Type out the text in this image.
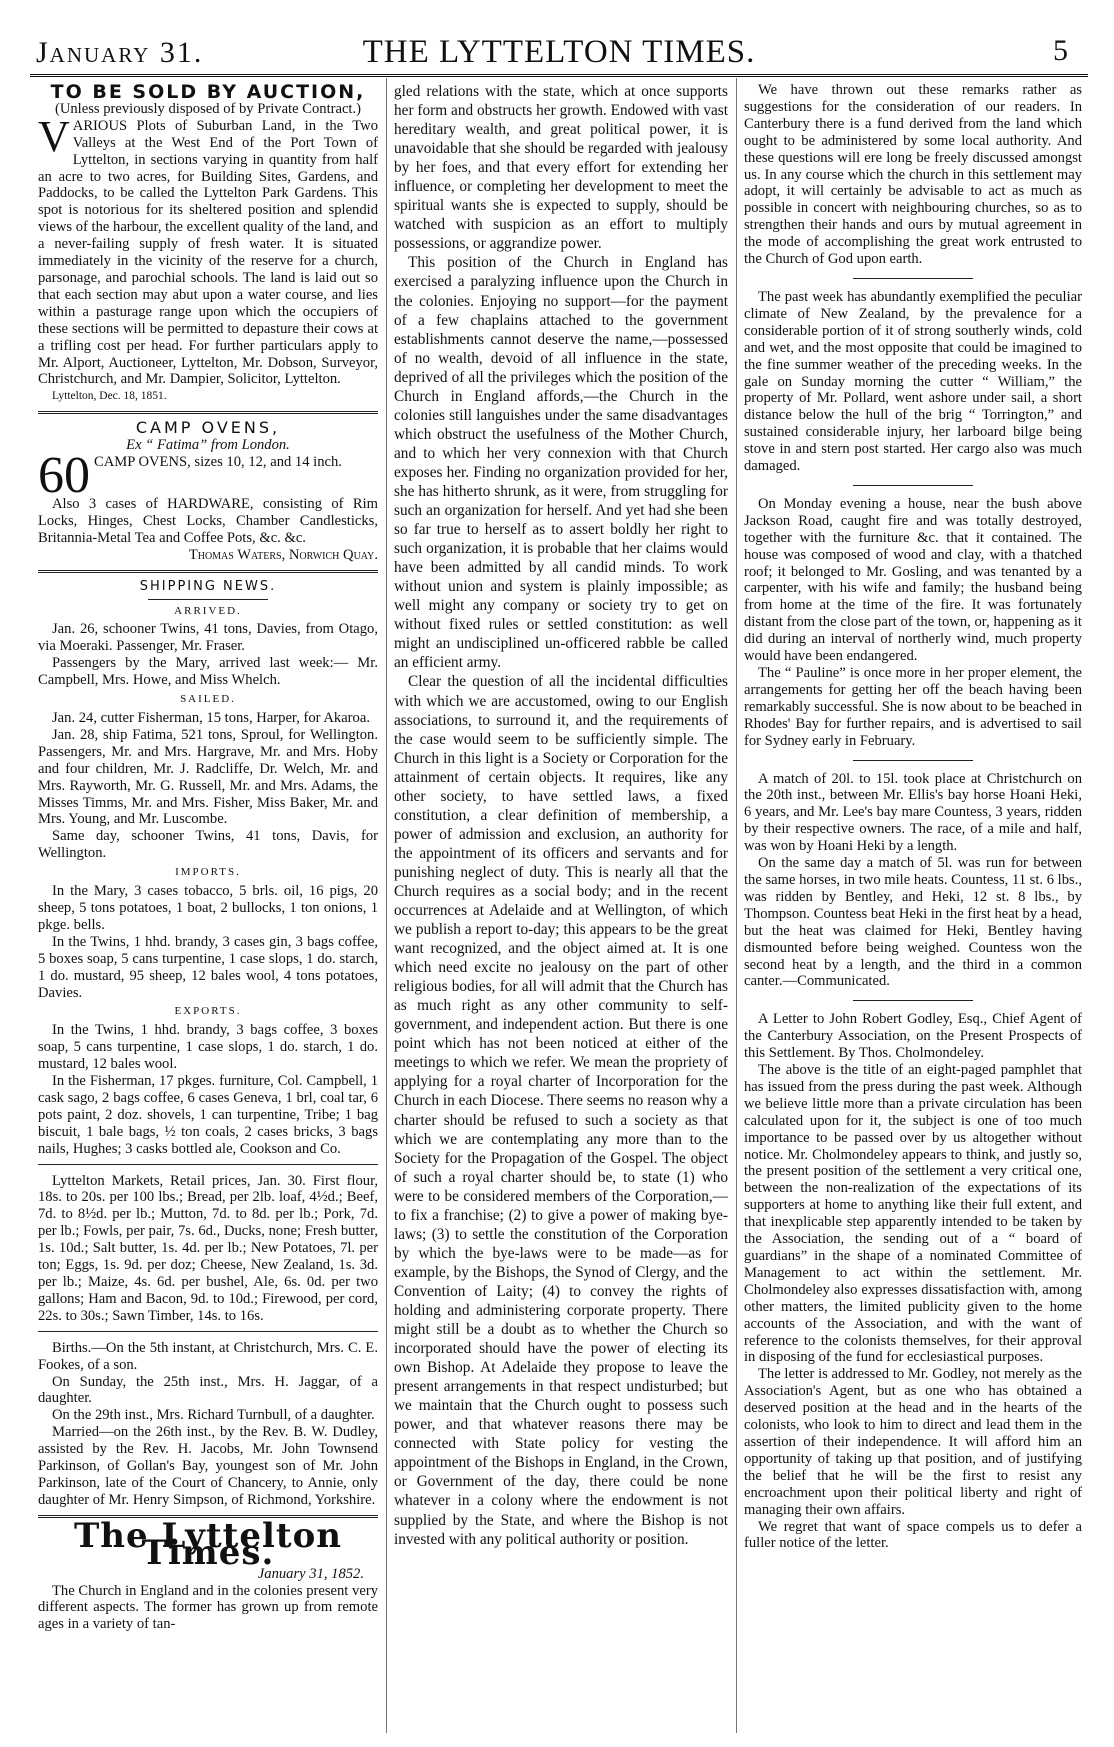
January 31.	THE LYTTELTON TIMES.	5
TO BE SOLD BY AUCTION,

(Unless previously disposed of by Private Contract.)

VARIOUS Plots of Suburban Land, in the Two Valleys at the West End of the Port Town of Lyttelton, in sections varying in quantity from half an acre to two acres, for Building Sites, Gardens, and Paddocks, to be called the Lyttelton Park Gardens. This spot is notorious for its sheltered position and splendid views of the harbour, the excellent quality of the land, and a never-failing supply of fresh water. It is situated immediately in the vicinity of the reserve for a church, parsonage, and parochial schools. The land is laid out so that each section may abut upon a water course, and lies within a pasturage range upon which the occupiers of these sections will be permitted to depasture their cows at a trifling cost per head. For further particulars apply to Mr. Alport, Auctioneer, Lyttelton, Mr. Dobson, Surveyor, Christchurch, and Mr. Dampier, Solicitor, Lyttelton.

Lyttelton, Dec. 18, 1851.

CAMP OVENS,

Ex “ Fatima” from London.

60 CAMP OVENS, sizes 10, 12, and 14 inch.

Also 3 cases of HARDWARE, consisting of Rim Locks, Hinges, Chest Locks, Chamber Candlesticks, Britannia-Metal Tea and Coffee Pots, &c. &c.

Thomas Waters, Norwich Quay.

SHIPPING NEWS.
ARRIVED.

Jan. 26, schooner Twins, 41 tons, Davies, from Otago, via Moeraki. Passenger, Mr. Fraser.

Passengers by the Mary, arrived last week:— Mr. Campbell, Mrs. Howe, and Miss Whelch.

SAILED.

Jan. 24, cutter Fisherman, 15 tons, Harper, for Akaroa.

Jan. 28, ship Fatima, 521 tons, Sproul, for Wellington. Passengers, Mr. and Mrs. Hargrave, Mr. and Mrs. Hoby and four children, Mr. J. Radcliffe, Dr. Welch, Mr. and Mrs. Rayworth, Mr. G. Russell, Mr. and Mrs. Adams, the Misses Timms, Mr. and Mrs. Fisher, Miss Baker, Mr. and Mrs. Young, and Mr. Luscombe.

Same day, schooner Twins, 41 tons, Davis, for Wellington.

IMPORTS.

In the Mary, 3 cases tobacco, 5 brls. oil, 16 pigs, 20 sheep, 5 tons potatoes, 1 boat, 2 bullocks, 1 ton onions, 1 pkge. bells.

In the Twins, 1 hhd. brandy, 3 cases gin, 3 bags coffee, 5 boxes soap, 5 cans turpentine, 1 case slops, 1 do. starch, 1 do. mustard, 95 sheep, 12 bales wool, 4 tons potatoes, Davies.

EXPORTS.

In the Twins, 1 hhd. brandy, 3 bags coffee, 3 boxes soap, 5 cans turpentine, 1 case slops, 1 do. starch, 1 do. mustard, 12 bales wool.

In the Fisherman, 17 pkges. furniture, Col. Campbell, 1 cask sago, 2 bags coffee, 6 cases Geneva, 1 brl, coal tar, 6 pots paint, 2 doz. shovels, 1 can turpentine, Tribe; 1 bag biscuit, 1 bale bags, ½ ton coals, 2 cases bricks, 3 bags nails, Hughes; 3 casks bottled ale, Cookson and Co.

Lyttelton Markets, Retail prices, Jan. 30. First flour, 18s. to 20s. per 100 lbs.; Bread, per 2lb. loaf, 4½d.; Beef, 7d. to 8½d. per lb.; Mutton, 7d. to 8d. per lb.; Pork, 7d. per lb.; Fowls, per pair, 7s. 6d., Ducks, none; Fresh butter, 1s. 10d.; Salt butter, 1s. 4d. per lb.; New Potatoes, 7l. per ton; Eggs, 1s. 9d. per doz; Cheese, New Zealand, 1s. 3d. per lb.; Maize, 4s. 6d. per bushel, Ale, 6s. 0d. per two gallons; Ham and Bacon, 9d. to 10d.; Firewood, per cord, 22s. to 30s.; Sawn Timber, 14s. to 16s.

Births.—On the 5th instant, at Christchurch, Mrs. C. E. Fookes, of a son.

On Sunday, the 25th inst., Mrs. H. Jaggar, of a daughter.

On the 29th inst., Mrs. Richard Turnbull, of a daughter.

Married—on the 26th inst., by the Rev. B. W. Dudley, assisted by the Rev. H. Jacobs, Mr. John Townsend Parkinson, of Gollan's Bay, youngest son of Mr. John Parkinson, late of the Court of Chancery, to Annie, only daughter of Mr. Henry Simpson, of Richmond, Yorkshire.

The Lyttelton Times.

January 31, 1852.

The Church in England and in the colonies present very different aspects. The former has grown up from remote ages in a variety of tan-

gled relations with the state, which at once supports her form and obstructs her growth. Endowed with vast hereditary wealth, and great political power, it is unavoidable that she should be regarded with jealousy by her foes, and that every effort for extending her influence, or completing her development to meet the spiritual wants she is expected to supply, should be watched with suspicion as an effort to multiply possessions, or aggrandize power.

This position of the Church in England has exercised a paralyzing influence upon the Church in the colonies. Enjoying no support—for the payment of a few chaplains attached to the government establishments cannot deserve the name,—possessed of no wealth, devoid of all influence in the state, deprived of all the privileges which the position of the Church in England affords,—the Church in the colonies still languishes under the same disadvantages which obstruct the usefulness of the Mother Church, and to which her very connexion with that Church exposes her. Finding no organization provided for her, she has hitherto shrunk, as it were, from struggling for such an organization for herself. And yet had she been so far true to herself as to assert boldly her right to such organization, it is probable that her claims would have been admitted by all candid minds. To work without union and system is plainly impossible; as well might any company or society try to get on without fixed rules or settled constitution: as well might an undisciplined un-officered rabble be called an efficient army.

Clear the question of all the incidental difficulties with which we are accustomed, owing to our English associations, to surround it, and the requirements of the case would seem to be sufficiently simple. The Church in this light is a Society or Corporation for the attainment of certain objects. It requires, like any other society, to have settled laws, a fixed constitution, a clear definition of membership, a power of admission and exclusion, an authority for the appointment of its officers and servants and for punishing neglect of duty. This is nearly all that the Church requires as a social body; and in the recent occurrences at Adelaide and at Wellington, of which we publish a report to-day; this appears to be the great want recognized, and the object aimed at. It is one which need excite no jealousy on the part of other religious bodies, for all will admit that the Church has as much right as any other community to self-government, and independent action. But there is one point which has not been noticed at either of the meetings to which we refer. We mean the propriety of applying for a royal charter of Incorporation for the Church in each Diocese. There seems no reason why a charter should be refused to such a society as that which we are contemplating any more than to the Society for the Propagation of the Gospel. The object of such a royal charter should be, to state (1) who were to be considered members of the Corporation,—to fix a franchise; (2) to give a power of making bye-laws; (3) to settle the constitution of the Corporation by which the bye-laws were to be made—as for example, by the Bishops, the Synod of Clergy, and the Convention of Laity; (4) to convey the rights of holding and administering corporate property. There might still be a doubt as to whether the Church so incorporated should have the power of electing its own Bishop. At Adelaide they propose to leave the present arrangements in that respect undisturbed; but we maintain that the Church ought to possess such power, and that whatever reasons there may be connected with State policy for vesting the appointment of the Bishops in England, in the Crown, or Government of the day, there could be none whatever in a colony where the endowment is not supplied by the State, and where the Bishop is not invested with any political authority or position.

We have thrown out these remarks rather as suggestions for the consideration of our readers. In Canterbury there is a fund derived from the land which ought to be administered by some local authority. And these questions will ere long be freely discussed amongst us. In any course which the church in this settlement may adopt, it will certainly be advisable to act as much as possible in concert with neighbouring churches, so as to strengthen their hands and ours by mutual agreement in the mode of accomplishing the great work entrusted to the Church of God upon earth.

The past week has abundantly exemplified the peculiar climate of New Zealand, by the prevalence for a considerable portion of it of strong southerly winds, cold and wet, and the most opposite that could be imagined to the fine summer weather of the preceding weeks. In the gale on Sunday morning the cutter “ William,” the property of Mr. Pollard, went ashore under sail, a short distance below the hull of the brig “ Torrington,” and sustained considerable injury, her larboard bilge being stove in and stern post started. Her cargo also was much damaged.

On Monday evening a house, near the bush above Jackson Road, caught fire and was totally destroyed, together with the furniture &c. that it contained. The house was composed of wood and clay, with a thatched roof; it belonged to Mr. Gosling, and was tenanted by a carpenter, with his wife and family; the husband being from home at the time of the fire. It was fortunately distant from the close part of the town, or, happening as it did during an interval of northerly wind, much property would have been endangered.

The “ Pauline” is once more in her proper element, the arrangements for getting her off the beach having been remarkably successful. She is now about to be beached in Rhodes' Bay for further repairs, and is advertised to sail for Sydney early in February.

A match of 20l. to 15l. took place at Christchurch on the 20th inst., between Mr. Ellis's bay horse Hoani Heki, 6 years, and Mr. Lee's bay mare Countess, 3 years, ridden by their respective owners. The race, of a mile and half, was won by Hoani Heki by a length.

On the same day a match of 5l. was run for between the same horses, in two mile heats. Countess, 11 st. 6 lbs., was ridden by Bentley, and Heki, 12 st. 8 lbs., by Thompson. Countess beat Heki in the first heat by a head, but the heat was claimed for Heki, Bentley having dismounted before being weighed. Countess won the second heat by a length, and the third in a common canter.—Communicated.

A Letter to John Robert Godley, Esq., Chief Agent of the Canterbury Association, on the Present Prospects of this Settlement. By Thos. Cholmondeley.

The above is the title of an eight-paged pamphlet that has issued from the press during the past week. Although we believe little more than a private circulation has been calculated upon for it, the subject is one of too much importance to be passed over by us altogether without notice. Mr. Cholmondeley appears to think, and justly so, the present position of the settlement a very critical one, between the non-realization of the expectations of its supporters at home to anything like their full extent, and that inexplicable step apparently intended to be taken by the Association, the sending out of a “ board of guardians” in the shape of a nominated Committee of Management to act within the settlement. Mr. Cholmondeley also expresses dissatisfaction with, among other matters, the limited publicity given to the home accounts of the Association, and with the want of reference to the colonists themselves, for their approval in disposing of the fund for ecclesiastical purposes.

The letter is addressed to Mr. Godley, not merely as the Association's Agent, but as one who has obtained a deserved position at the head and in the hearts of the colonists, who look to him to direct and lead them in the assertion of their independence. It will afford him an opportunity of taking up that position, and of justifying the belief that he will be the first to resist any encroachment upon their political liberty and right of managing their own affairs.

We regret that want of space compels us to defer a fuller notice of the letter.
